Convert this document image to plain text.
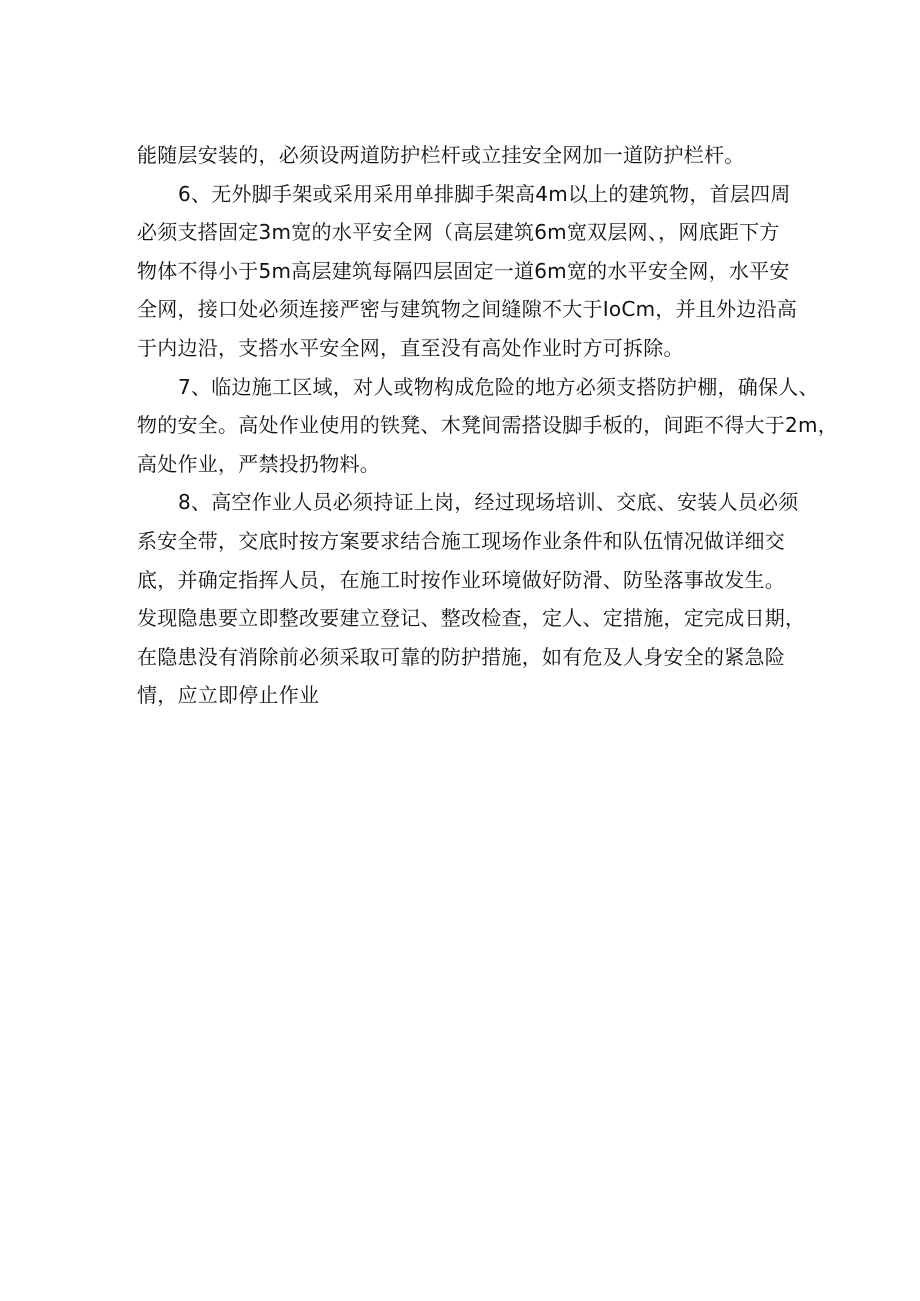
能随层安装的，必须设两道防护栏杆或立挂安全网加一道防护栏杆。
6、无外脚手架或采用采用单排脚手架高4m以上的建筑物，首层四周
必须支搭固定3m宽的水平安全网（高层建筑6m宽双层网、，网底距下方
物体不得小于5m高层建筑每隔四层固定一道6m宽的水平安全网，水平安
全网，接口处必须连接严密与建筑物之间缝隙不大于IoCm，并且外边沿高
于内边沿，支搭水平安全网，直至没有高处作业时方可拆除。
7、临边施工区域，对人或物构成危险的地方必须支搭防护棚，确保人、
物的安全。高处作业使用的铁凳、木凳间需搭设脚手板的，间距不得大于2m，
高处作业，严禁投扔物料。
8、高空作业人员必须持证上岗，经过现场培训、交底、安装人员必须
系安全带，交底时按方案要求结合施工现场作业条件和队伍情况做详细交
底，并确定指挥人员，在施工时按作业环境做好防滑、防坠落事故发生。
发现隐患要立即整改要建立登记、整改检查，定人、定措施，定完成日期，
在隐患没有消除前必须采取可靠的防护措施，如有危及人身安全的紧急险
情，应立即停止作业
